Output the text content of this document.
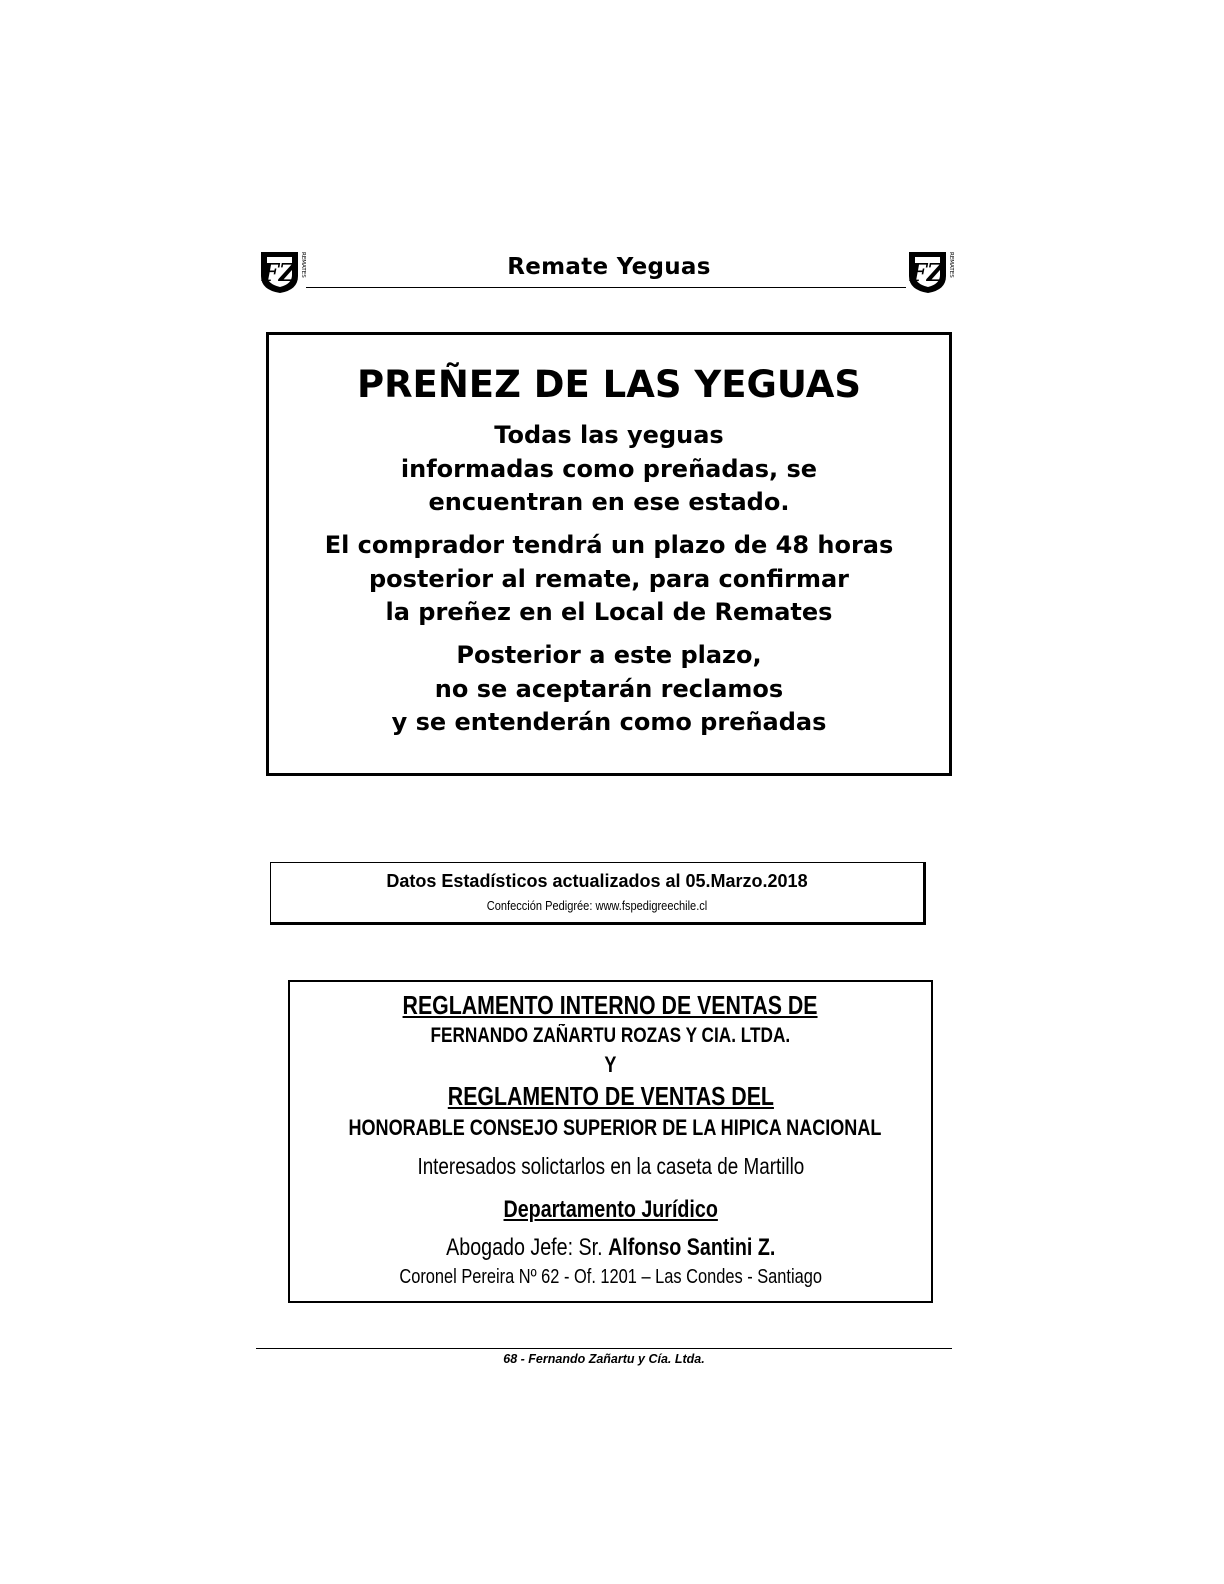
FZ REMATES	Remate Yeguas	FZ REMATES
PREÑEZ DE LAS YEGUAS
Todas las yeguas
informadas como preñadas, se
encuentran en ese estado.
El comprador tendrá un plazo de 48 horas
posterior al remate, para confirmar
la preñez en el Local de Remates
Posterior a este plazo,
no se aceptarán reclamos
y se entenderán como preñadas
Datos Estadísticos actualizados al 05.Marzo.2018
Confección Pedigrée: www.fspedigreechile.cl
REGLAMENTO INTERNO DE VENTAS DE
FERNANDO ZAÑARTU ROZAS Y CIA. LTDA.
Y
REGLAMENTO DE VENTAS DEL
HONORABLE CONSEJO SUPERIOR DE LA HIPICA NACIONAL
Interesados solictarlos en la caseta de Martillo
Departamento Jurídico
Abogado Jefe: Sr. Alfonso Santini Z.
Coronel Pereira Nº 62 - Of. 1201 – Las Condes - Santiago
68 - Fernando Zañartu y Cía. Ltda.
